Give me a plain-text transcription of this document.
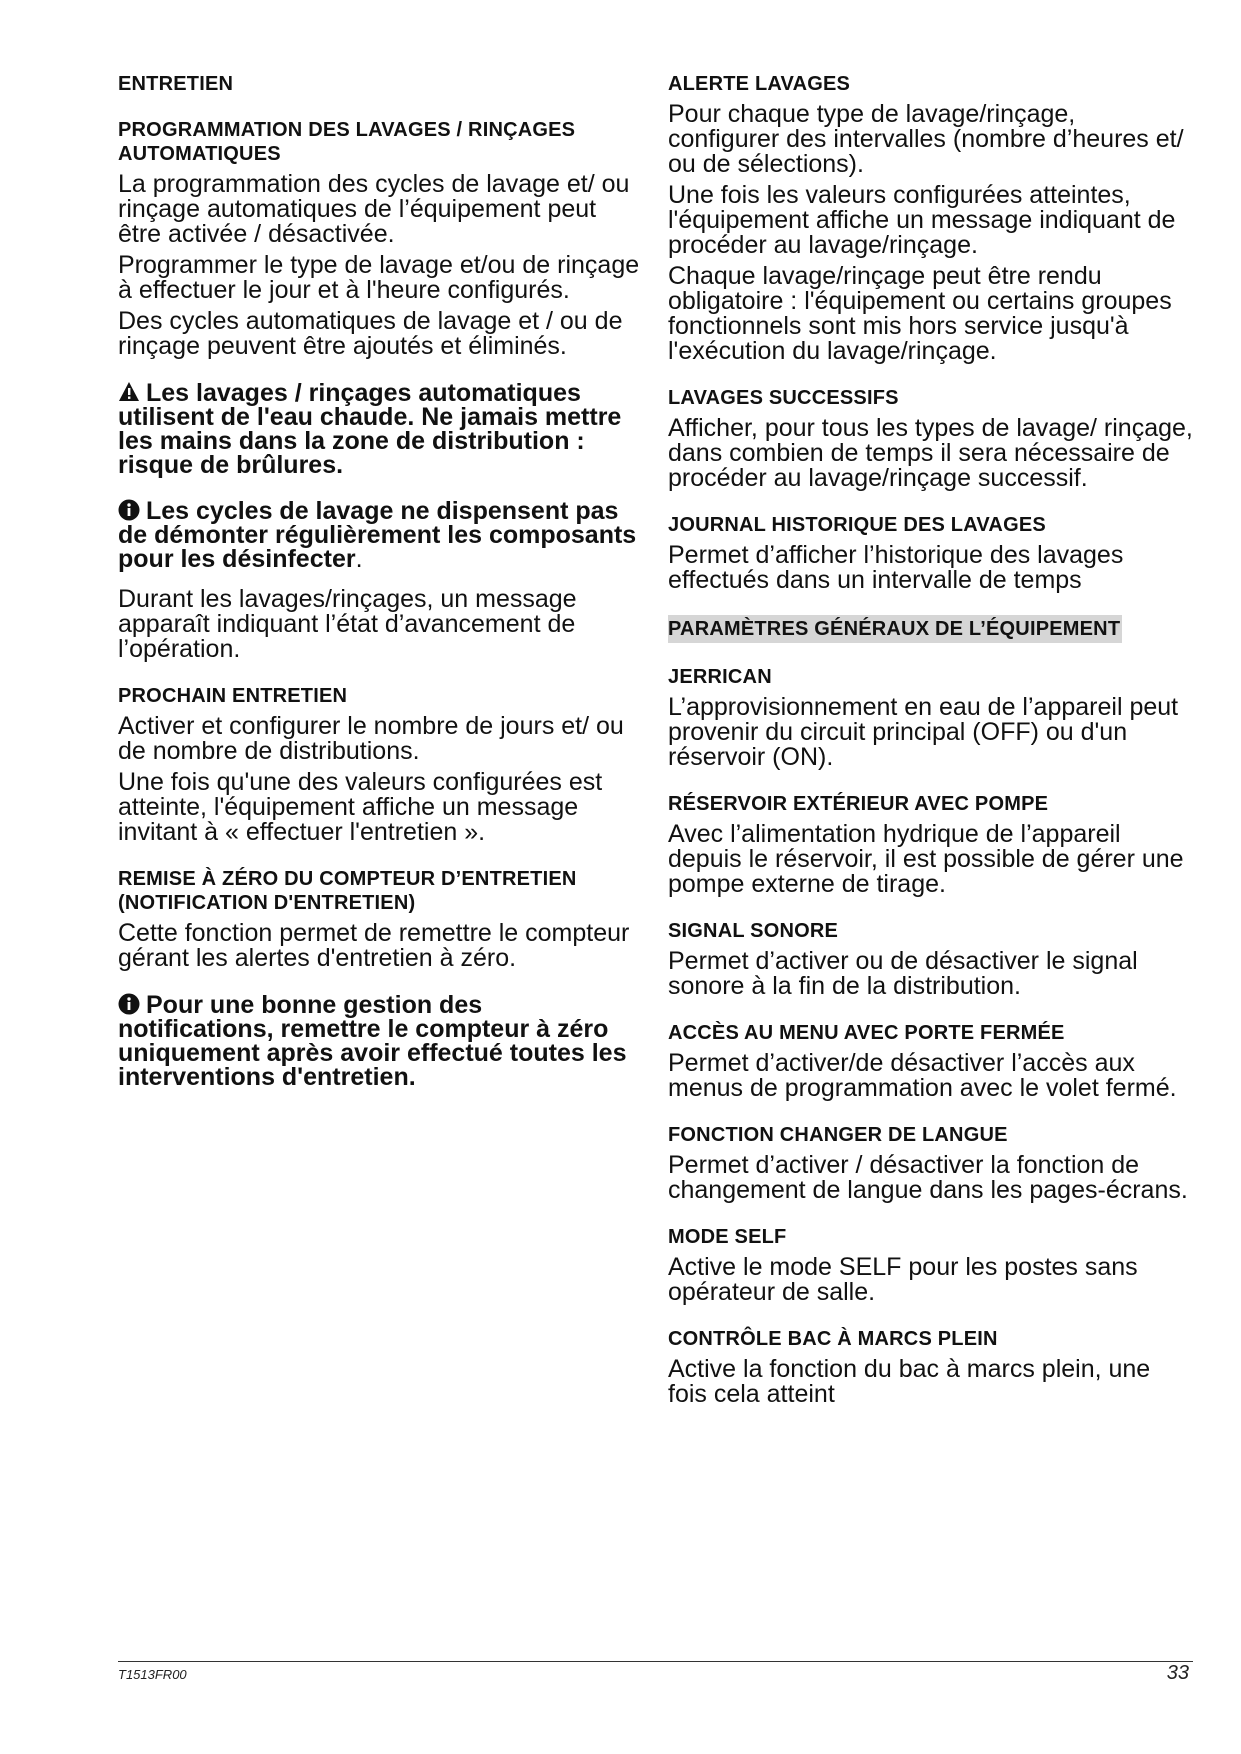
ENTRETIEN
PROGRAMMATION DES LAVAGES / RINÇAGES AUTOMATIQUES
La programmation des cycles de lavage et/ ou rinçage automatiques de l’équipement peut être activée / désactivée.
Programmer le type de lavage et/ou de rinçage à effectuer le jour et à l'heure configurés.
Des cycles automatiques de lavage et / ou de rinçage peuvent être ajoutés et éliminés.
Les lavages / rinçages automatiques utilisent de l'eau chaude. Ne jamais mettre les mains dans la zone de distribution : risque de brûlures.
Les cycles de lavage ne dispensent pas de démonter régulièrement les composants pour les désinfecter.
Durant les lavages/rinçages, un message apparaît indiquant l’état d’avancement de l’opération.
PROCHAIN ENTRETIEN
Activer et configurer le nombre de jours et/ ou de nombre de distributions.
Une fois qu'une des valeurs configurées est atteinte, l'équipement affiche un message invitant à « effectuer l'entretien ».
REMISE À ZÉRO DU COMPTEUR D’ENTRETIEN (NOTIFICATION D'ENTRETIEN)
Cette fonction permet de remettre le compteur gérant les alertes d'entretien à zéro.
Pour une bonne gestion des notifications, remettre le compteur à zéro uniquement après avoir effectué toutes les interventions d'entretien.
ALERTE LAVAGES
Pour chaque type de lavage/rinçage, configurer des intervalles (nombre d’heures et/ ou de sélections).
Une fois les valeurs configurées atteintes, l'équipement affiche un message indiquant de procéder au lavage/rinçage.
Chaque lavage/rinçage peut être rendu obligatoire : l'équipement ou certains groupes fonctionnels sont mis hors service jusqu'à l'exécution du lavage/rinçage.
LAVAGES SUCCESSIFS
Afficher, pour tous les types de lavage/ rinçage, dans combien de temps il sera nécessaire de procéder au lavage/rinçage successif.
JOURNAL HISTORIQUE DES LAVAGES
Permet d’afficher l’historique des lavages effectués dans un intervalle de temps
PARAMÈTRES GÉNÉRAUX DE L’ÉQUIPEMENT
JERRICAN
L’approvisionnement en eau de l’appareil peut provenir du circuit principal (OFF) ou d'un réservoir (ON).
RÉSERVOIR EXTÉRIEUR AVEC POMPE
Avec l’alimentation hydrique de l’appareil depuis le réservoir, il est possible de gérer une pompe externe de tirage.
SIGNAL SONORE
Permet d’activer ou de désactiver le signal sonore à la fin de la distribution.
ACCÈS AU MENU AVEC PORTE FERMÉE
Permet d’activer/de désactiver l’accès aux menus de programmation avec le volet fermé.
FONCTION CHANGER DE LANGUE
Permet d’activer / désactiver la fonction de changement de langue dans les pages-écrans.
MODE SELF
Active le mode SELF pour les postes sans opérateur de salle.
CONTRÔLE BAC À MARCS PLEIN
Active la fonction du bac à marcs plein, une fois cela atteint
T1513FR00	33
